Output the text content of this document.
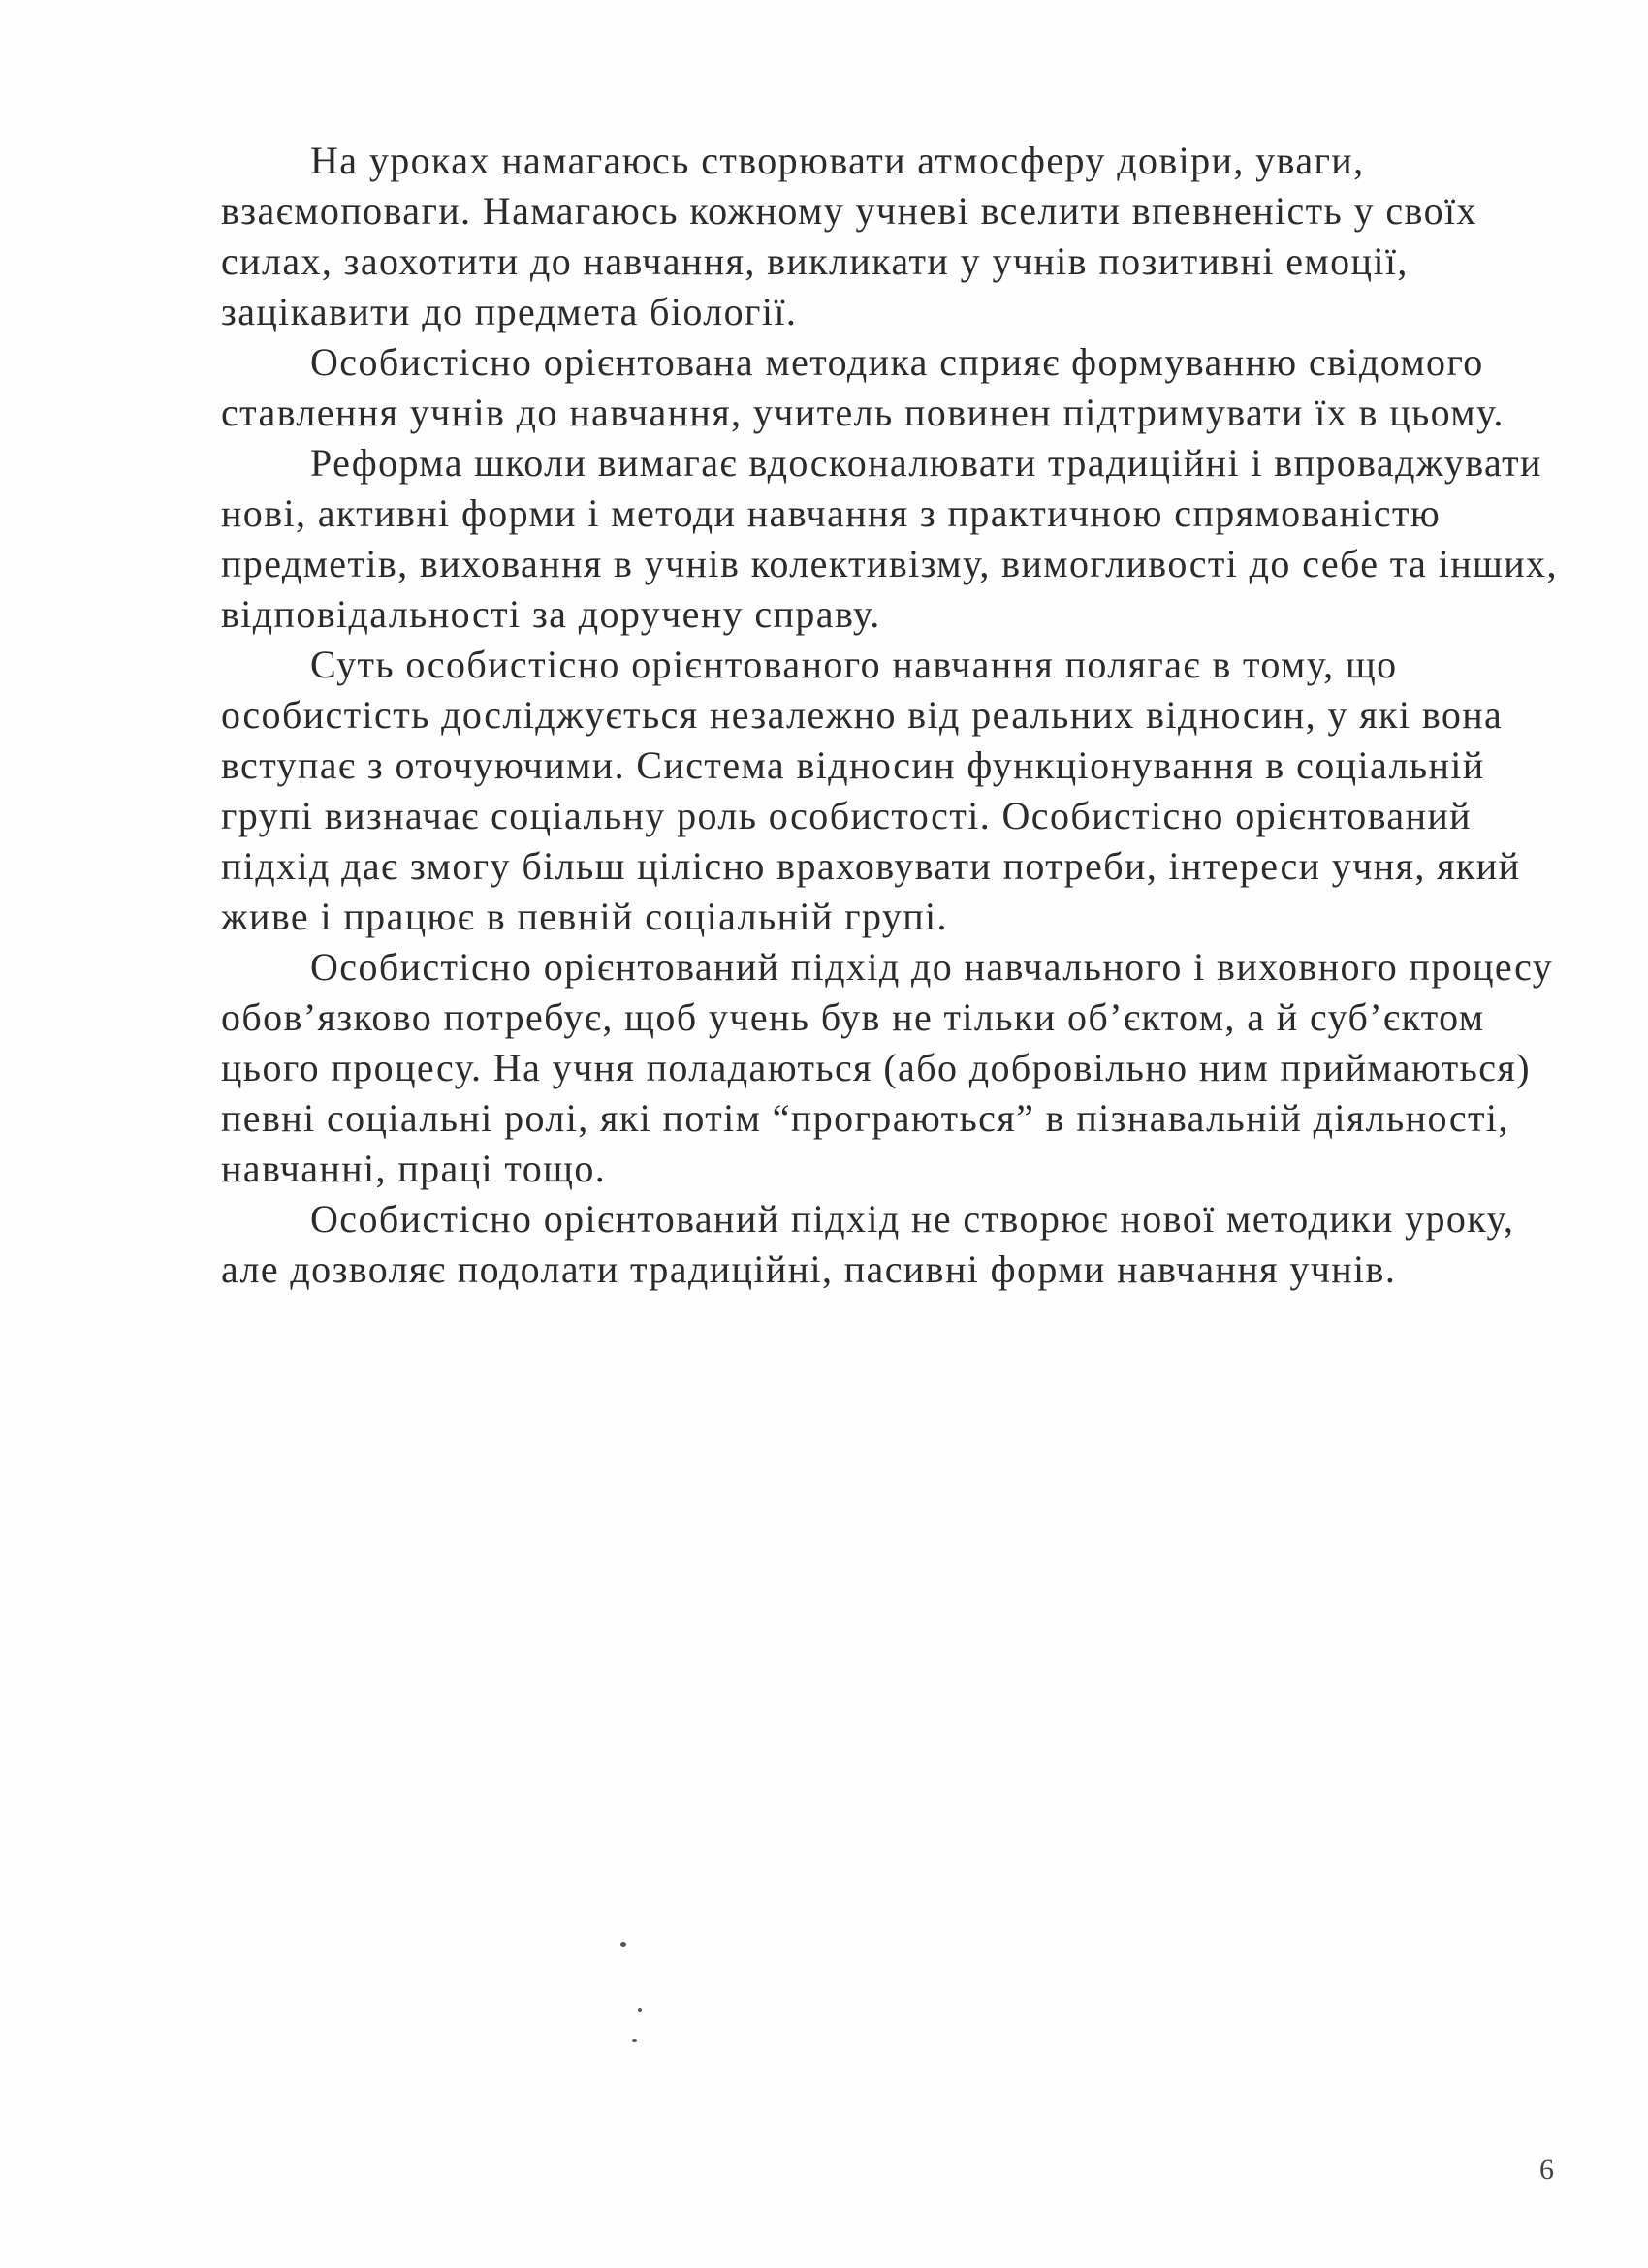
На уроках намагаюсь створювати атмосферу довіри, уваги, взаємоповаги. Намагаюсь кожному учневі вселити впевненість у своїх силах, заохотити до навчання, викликати у учнів позитивні емоції, зацікавити до предмета біології.

Особистісно орієнтована методика сприяє формуванню свідомого ставлення учнів до навчання, учитель повинен підтримувати їх в цьому.

Реформа школи вимагає вдосконалювати традиційні і впроваджувати нові, активні форми і методи навчання з практичною спрямованістю предметів, виховання в учнів колективізму, вимогливості до себе та інших, відповідальності за доручену справу.

Суть особистісно орієнтованого навчання полягає в тому, що особистість досліджується незалежно від реальних відносин, у які вона вступає з оточуючими. Система відносин функціонування в соціальній групі визначає соціальну роль особистості. Особистісно орієнтований підхід дає змогу більш цілісно враховувати потреби, інтереси учня, який живе і працює в певній соціальній групі.

Особистісно орієнтований підхід до навчального і виховного процесу обов’язково потребує, щоб учень був не тільки об’єктом, а й суб’єктом цього процесу. На учня поладаються (або добровільно ним приймаються) певні соціальні ролі, які потім “програються” в пізнавальній діяльності, навчанні, праці тощо.

Особистісно орієнтований підхід не створює нової методики уроку, але дозволяє подолати традиційні, пасивні форми навчання учнів.

6
